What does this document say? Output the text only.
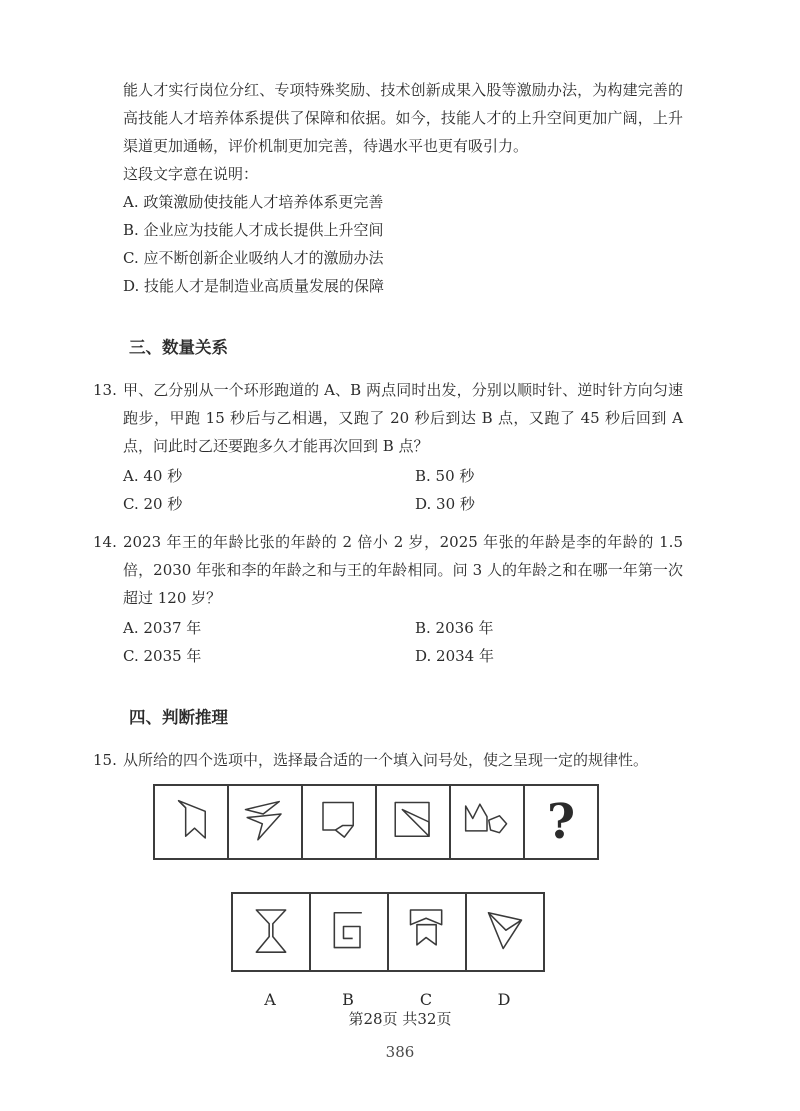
能人才实行岗位分红、专项特殊奖励、技术创新成果入股等激励办法，为构建完善的高技能人才培养体系提供了保障和依据。如今，技能人才的上升空间更加广阔，上升渠道更加通畅，评价机制更加完善，待遇水平也更有吸引力。

这段文字意在说明：

A. 政策激励使技能人才培养体系更完善

B. 企业应为技能人才成长提供上升空间

C. 应不断创新企业吸纳人才的激励办法

D. 技能人才是制造业高质量发展的保障

三、数量关系
13. 甲、乙分别从一个环形跑道的 A、B 两点同时出发，分别以顺时针、逆时针方向匀速跑步，甲跑 15 秒后与乙相遇，又跑了 20 秒后到达 B 点，又跑了 45 秒后回到 A 点，问此时乙还要跑多久才能再次回到 B 点？

A. 40 秒	B. 50 秒
C. 20 秒	D. 30 秒
14. 2023 年王的年龄比张的年龄的 2 倍小 2 岁，2025 年张的年龄是李的年龄的 1.5 倍，2030 年张和李的年龄之和与王的年龄相同。问 3 人的年龄之和在哪一年第一次超过 120 岁？

A. 2037 年	B. 2036 年
C. 2035 年	D. 2034 年
四、判断推理
15. 从所给的四个选项中，选择最合适的一个填入问号处，使之呈现一定的规律性。

?
A	B	C	D
第28页 共32页
386
